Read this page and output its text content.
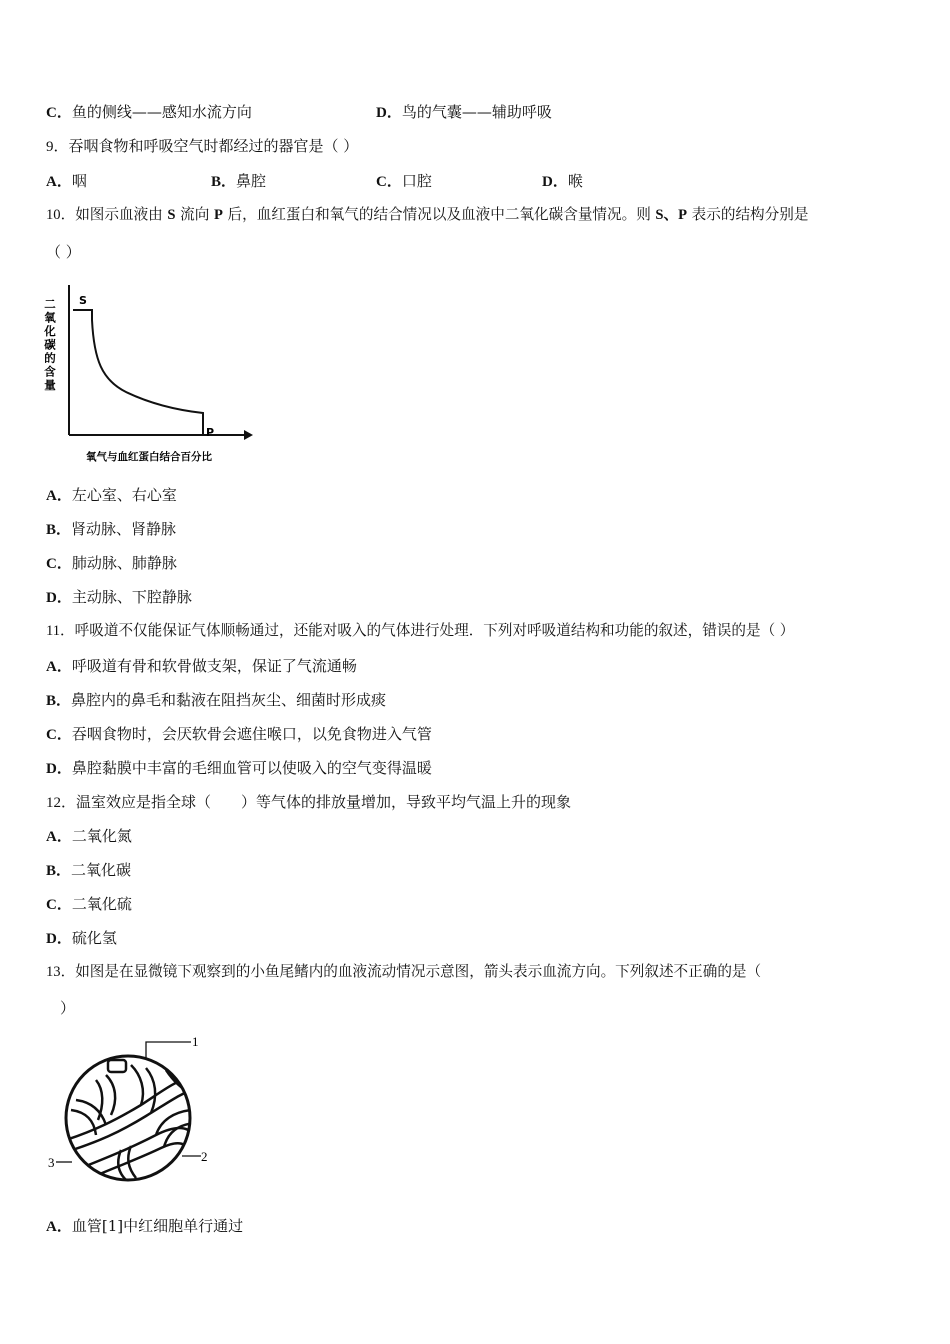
C．鱼的侧线——感知水流方向	D．鸟的气囊——辅助呼吸
9．吞咽食物和呼吸空气时都经过的器官是（ ）
A．咽	B．鼻腔	C．口腔	D．喉
10．如图示血液由 S 流向 P 后，血红蛋白和氧气的结合情况以及血液中二氧化碳含量情况。则 S、P 表示的结构分别是
（ ）
S
P
二氧化碳的含量
氧气与血红蛋白结合百分比
A．左心室、右心室
B．肾动脉、肾静脉
C．肺动脉、肺静脉
D．主动脉、下腔静脉
11．呼吸道不仅能保证气体顺畅通过，还能对吸入的气体进行处理．下列对呼吸道结构和功能的叙述，错误的是（ ）
A．呼吸道有骨和软骨做支架，保证了气流通畅
B．鼻腔内的鼻毛和黏液在阻挡灰尘、细菌时形成痰
C．吞咽食物时，会厌软骨会遮住喉口，以免食物进入气管
D．鼻腔黏膜中丰富的毛细血管可以使吸入的空气变得温暖
12．温室效应是指全球（　　）等气体的排放量增加，导致平均气温上升的现象
A．二氧化氮
B．二氧化碳
C．二氧化硫
D．硫化氢
13．如图是在显微镜下观察到的小鱼尾鳍内的血液流动情况示意图，箭头表示血流方向。下列叙述不正确的是（
）
1
2
3
A．血管[1]中红细胞单行通过
